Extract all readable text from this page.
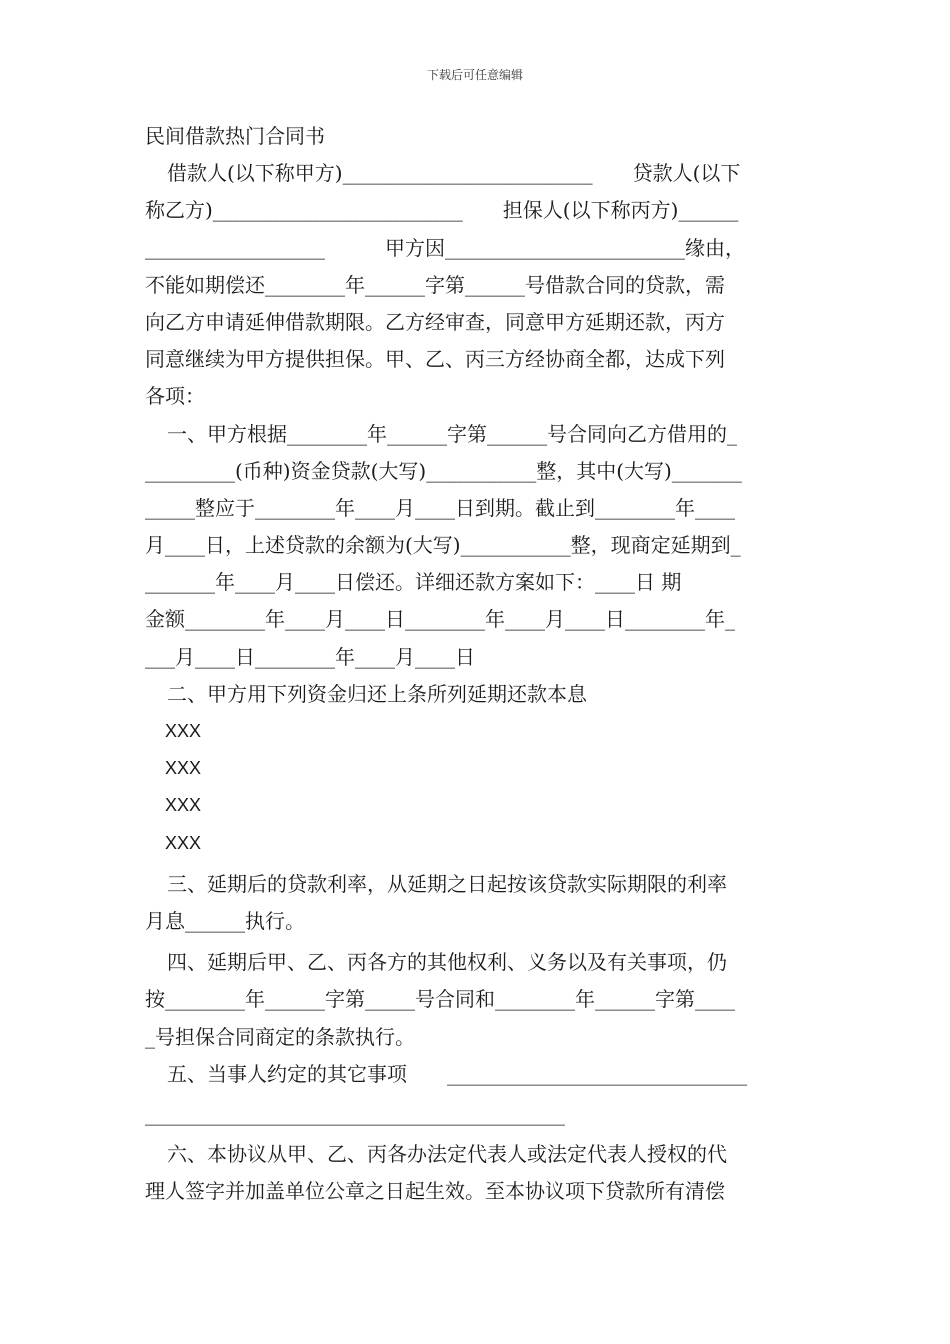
下载后可任意编辑
民间借款热门合同书
借款人(以下称甲方)_________________________　　贷款人(以下
称乙方)_________________________　　担保人(以下称丙方)______
__________________　　　甲方因________________________缘由，
不能如期偿还________年______字第______号借款合同的贷款，需
向乙方申请延伸借款期限。乙方经审查，同意甲方延期还款，丙方
同意继续为甲方提供担保。甲、乙、丙三方经协商全都，达成下列
各项：
一、甲方根据________年______字第______号合同向乙方借用的_
_________(币种)资金贷款(大写)___________整，其中(大写)_______
_____整应于________年____月____日到期。截止到________年____
月____日，上述贷款的余额为(大写)___________整，现商定延期到_
_______年____月____日偿还。详细还款方案如下：____日 期
金额________年____月____日________年____月____日________年_
___月____日________年____月____日
二、甲方用下列资金归还上条所列延期还款本息
XXX
XXX
XXX
XXX
三、延期后的贷款利率，从延期之日起按该贷款实际期限的利率
月息______执行。
四、延期后甲、乙、丙各方的其他权利、义务以及有关事项，仍
按________年______字第_____号合同和________年______字第____
_号担保合同商定的条款执行。
五、当事人约定的其它事项　　______________________________
__________________________________________
六、本协议从甲、乙、丙各办法定代表人或法定代表人授权的代
理人签字并加盖单位公章之日起生效。至本协议项下贷款所有清偿
